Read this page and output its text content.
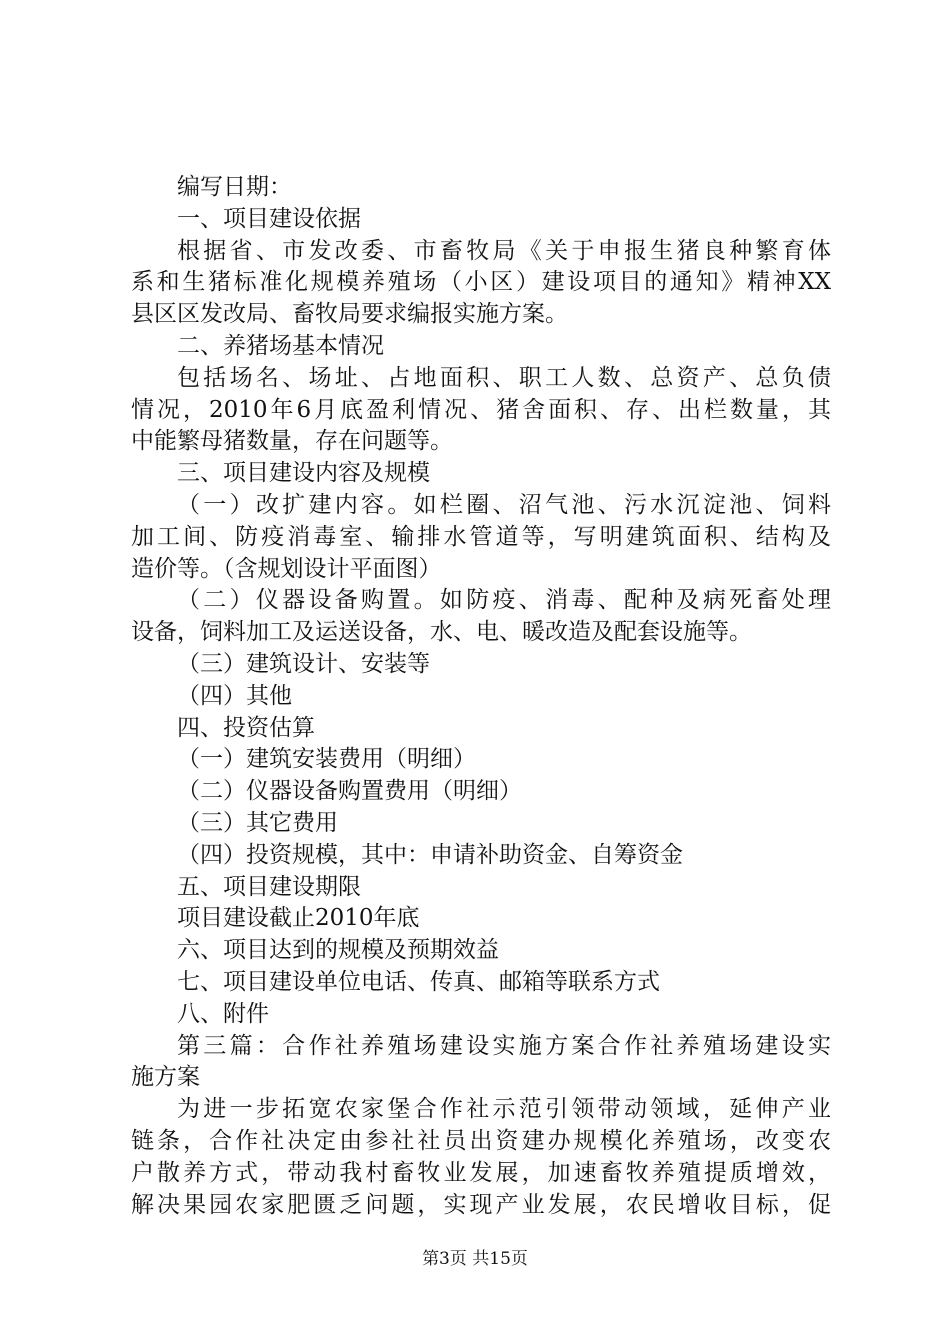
编写日期：
一、项目建设依据
根据省、市发改委、市畜牧局《关于申报生猪良种繁育体
系和生猪标准化规模养殖场（小区）建设项目的通知》精神XX
县区区发改局、畜牧局要求编报实施方案。
二、养猪场基本情况
包括场名、场址、占地面积、职工人数、总资产、总负债
情况，2010年6月底盈利情况、猪舍面积、存、出栏数量，其
中能繁母猪数量，存在问题等。
三、项目建设内容及规模
（一）改扩建内容。如栏圈、沼气池、污水沉淀池、饲料
加工间、防疫消毒室、输排水管道等，写明建筑面积、结构及
造价等。（含规划设计平面图）
（二）仪器设备购置。如防疫、消毒、配种及病死畜处理
设备，饲料加工及运送设备，水、电、暖改造及配套设施等。
（三）建筑设计、安装等
（四）其他
四、投资估算
（一）建筑安装费用（明细）
（二）仪器设备购置费用（明细）
（三）其它费用
（四）投资规模，其中：申请补助资金、自筹资金
五、项目建设期限
项目建设截止2010年底
六、项目达到的规模及预期效益
七、项目建设单位电话、传真、邮箱等联系方式
八、附件
第三篇：合作社养殖场建设实施方案合作社养殖场建设实
施方案
为进一步拓宽农家堡合作社示范引领带动领域，延伸产业
链条，合作社决定由参社社员出资建办规模化养殖场，改变农
户散养方式，带动我村畜牧业发展，加速畜牧养殖提质增效，
解决果园农家肥匮乏问题，实现产业发展，农民增收目标，促
第3页 共15页
